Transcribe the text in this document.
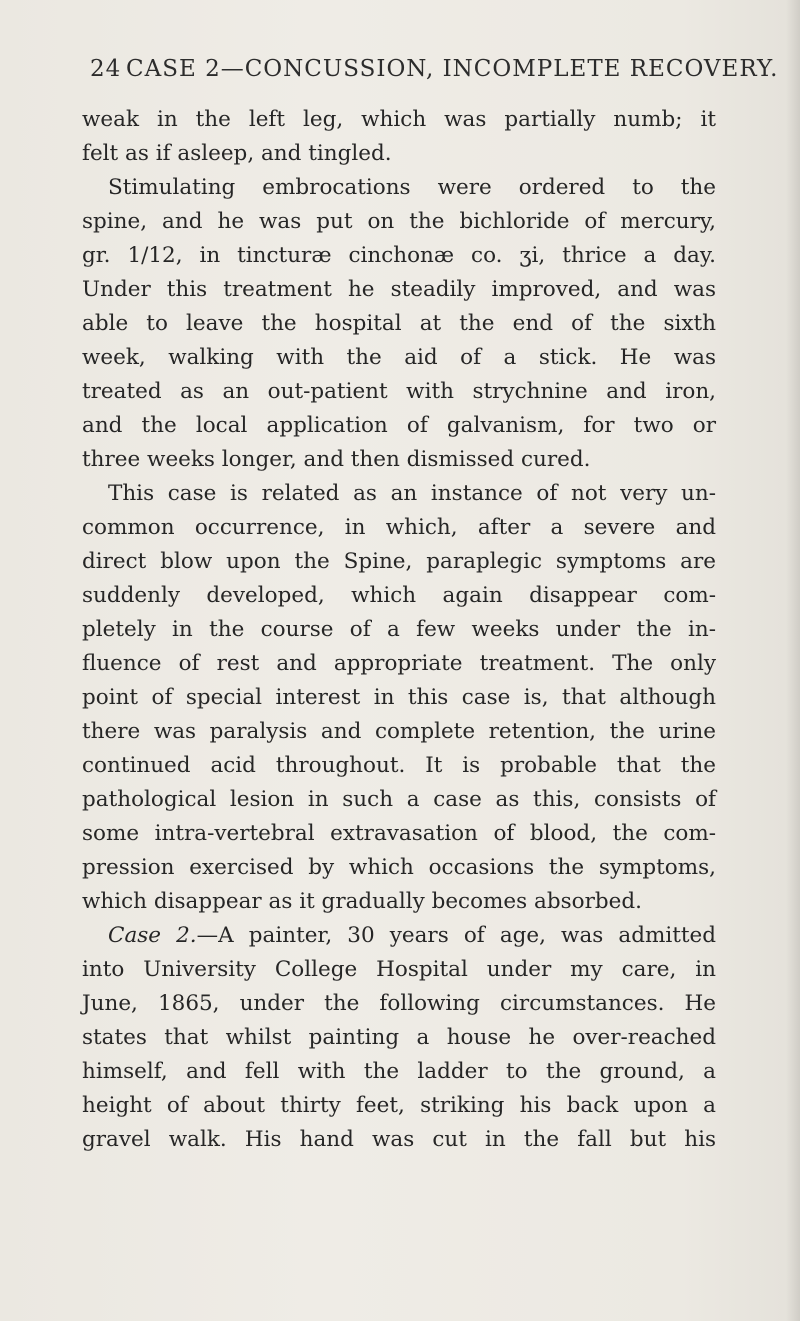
24 CASE 2—CONCUSSION, INCOMPLETE RECOVERY.
weak in the left leg, which was partially numb; it
felt as if asleep, and tingled.
Stimulating embrocations were ordered to the
spine, and he was put on the bichloride of mercury,
gr. 1/12, in tincturæ cinchonæ co. ʒi, thrice a day.
Under this treatment he steadily improved, and was
able to leave the hospital at the end of the sixth
week, walking with the aid of a stick. He was
treated as an out-patient with strychnine and iron,
and the local application of galvanism, for two or
three weeks longer, and then dismissed cured.
This case is related as an instance of not very un-
common occurrence, in which, after a severe and
direct blow upon the Spine, paraplegic symptoms are
suddenly developed, which again disappear com-
pletely in the course of a few weeks under the in-
fluence of rest and appropriate treatment. The only
point of special interest in this case is, that although
there was paralysis and complete retention, the urine
continued acid throughout. It is probable that the
pathological lesion in such a case as this, consists of
some intra-vertebral extravasation of blood, the com-
pression exercised by which occasions the symptoms,
which disappear as it gradually becomes absorbed.
Case 2.—A painter, 30 years of age, was admitted
into University College Hospital under my care, in
June, 1865, under the following circumstances. He
states that whilst painting a house he over-reached
himself, and fell with the ladder to the ground, a
height of about thirty feet, striking his back upon a
gravel walk. His hand was cut in the fall but his
